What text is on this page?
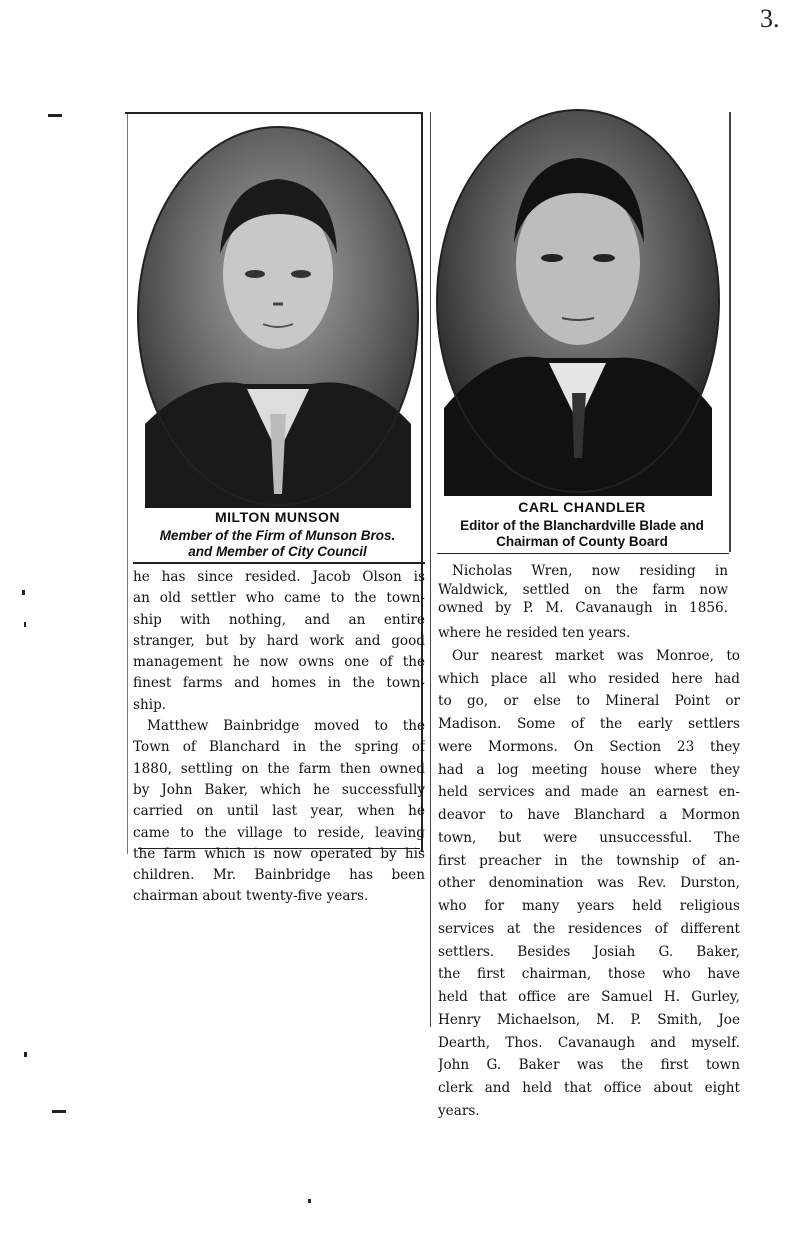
3.
MILTON MUNSON
Member of the Firm of Munson Bros.
and Member of City Council
CARL CHANDLER
Editor of the Blanchardville Blade and
Chairman of County Board
he has since resided. Jacob Olson is
an old settler who came to the town-
ship with nothing, and an entire
stranger, but by hard work and good
management he now owns one of the
finest farms and homes in the town-
ship.
Matthew Bainbridge moved to the
Town of Blanchard in the spring of
1880, settling on the farm then owned
by John Baker, which he successfully
carried on until last year, when he
came to the village to reside, leaving
the farm which is now operated by his
children. Mr. Bainbridge has been
chairman about twenty-five years.
Nicholas Wren, now residing in
Waldwick, settled on the farm now
owned by P. M. Cavanaugh in 1856.
where he resided ten years.
Our nearest market was Monroe, to
which place all who resided here had
to go, or else to Mineral Point or
Madison. Some of the early settlers
were Mormons. On Section 23 they
had a log meeting house where they
held services and made an earnest en-
deavor to have Blanchard a Mormon
town, but were unsuccessful. The
first preacher in the township of an-
other denomination was Rev. Durston,
who for many years held religious
services at the residences of different
settlers. Besides Josiah G. Baker,
the first chairman, those who have
held that office are Samuel H. Gurley,
Henry Michaelson, M. P. Smith, Joe
Dearth, Thos. Cavanaugh and myself.
John G. Baker was the first town
clerk and held that office about eight
years.
